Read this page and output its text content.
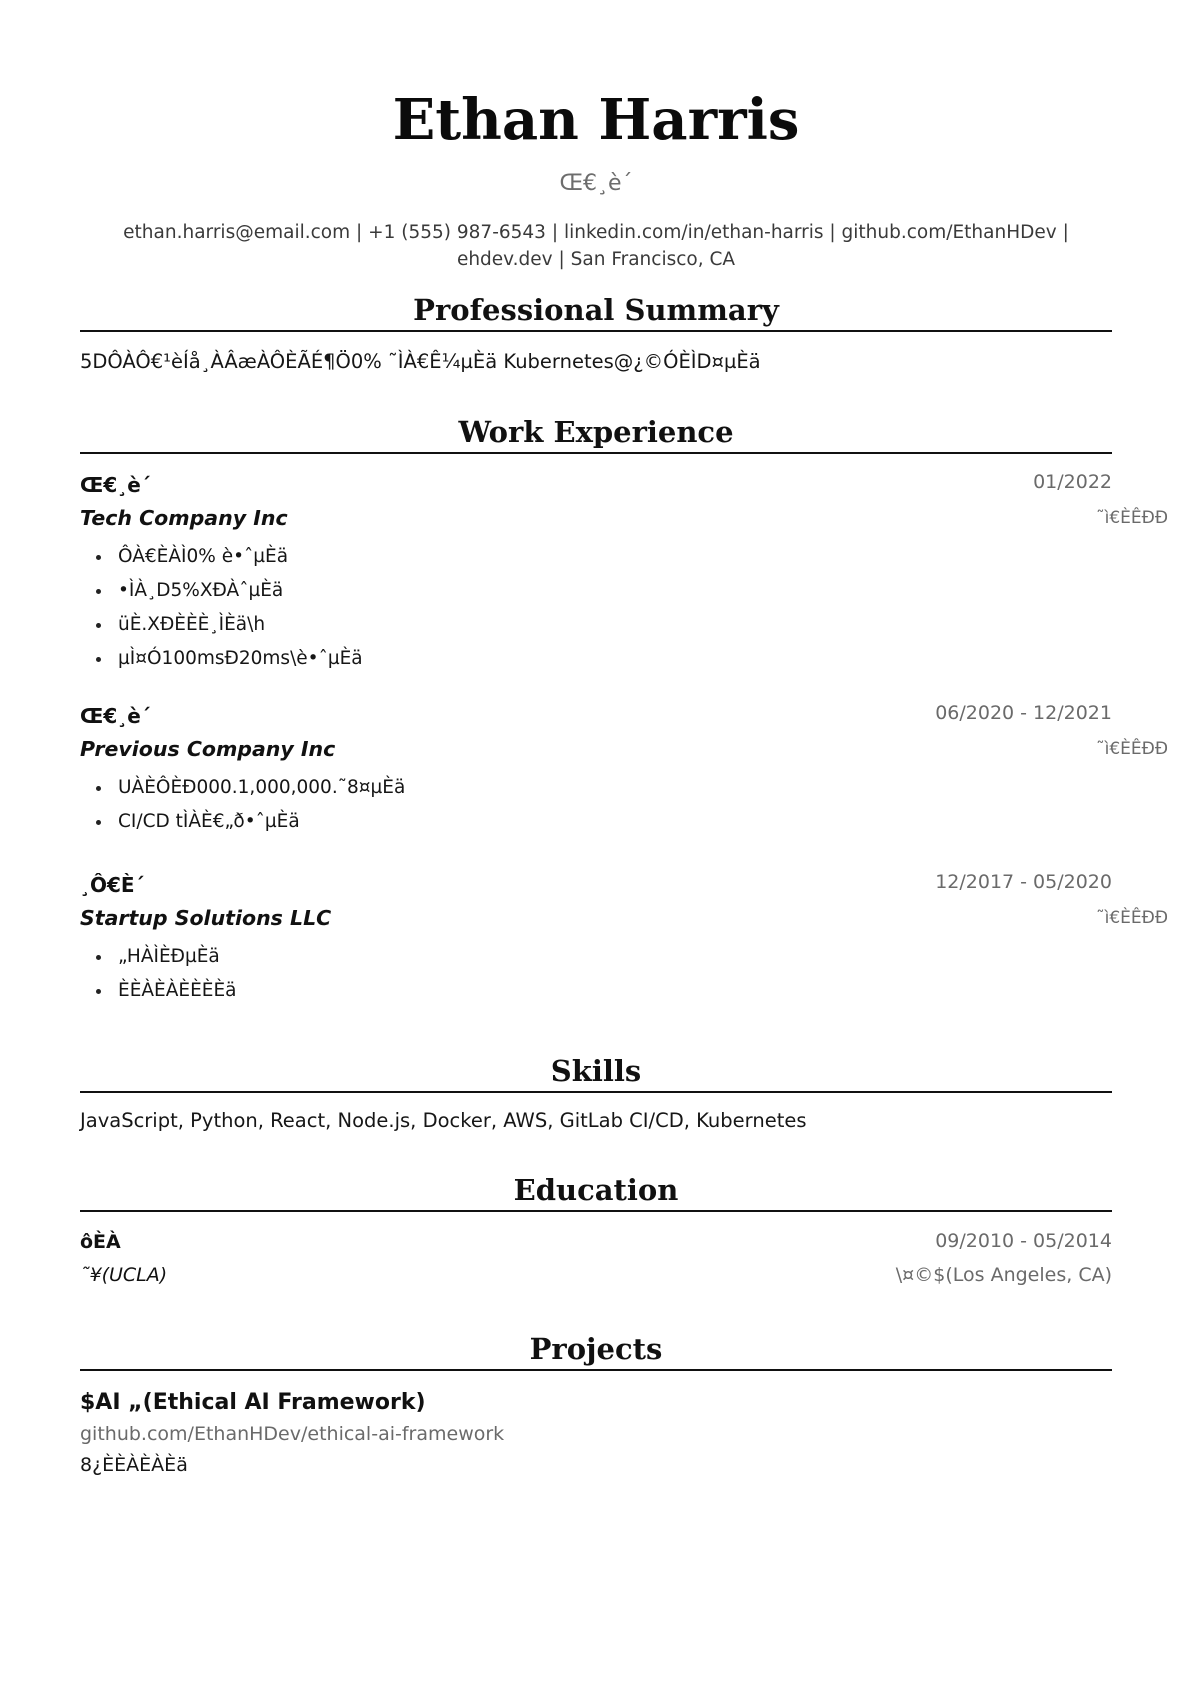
Ethan Harris
Œ€¸è´
ethan.harris@email.com | +1 (555) 987-6543 | linkedin.com/in/ethan-harris | github.com/EthanHDev |
ehdev.dev | San Francisco, CA
Professional Summary
5DÔÀÔ€¹èÍå¸ÀÂæÀÔÈÃÉ¶Ö0% ˜ÌÀ€Ê¼µÈä Kubernetes@¿©ÓÈÌD¤µÈä
Work Experience
Œ€¸è´	01/2022
Tech Company Inc	˜ì€ÈÊÐÐ
ÔÀ€ÈÀÌ0% è•ˆµÈä
•ÌÀ¸D5%XÐÀˆµÈä
üÈ.XÐÈÈÈ¸ÌÈä\h
µÌ¤Ó100msÐ20ms\è•ˆµÈä
Œ€¸è´	06/2020 - 12/2021
Previous Company Inc	˜ì€ÈÊÐÐ
UÀÈÔÈÐ000.1,000,000.˜8¤µÈä
CI/CD tÌÀÈ€„ð•ˆµÈä
¸Ô€È´	12/2017 - 05/2020
Startup Solutions LLC	˜ì€ÈÊÐÐ
„HÀÌÈÐµÈä
ÈÈÀÈÀÈÈÈÈä
Skills
JavaScript, Python, React, Node.js, Docker, AWS, GitLab CI/CD, Kubernetes
Education
ôÈÀ	09/2010 - 05/2014
˜¥(UCLA)	\¤©$(Los Angeles, CA)
Projects
$AI „(Ethical AI Framework)
github.com/EthanHDev/ethical-ai-framework
8¿ÈÈÀÈÀÈä
